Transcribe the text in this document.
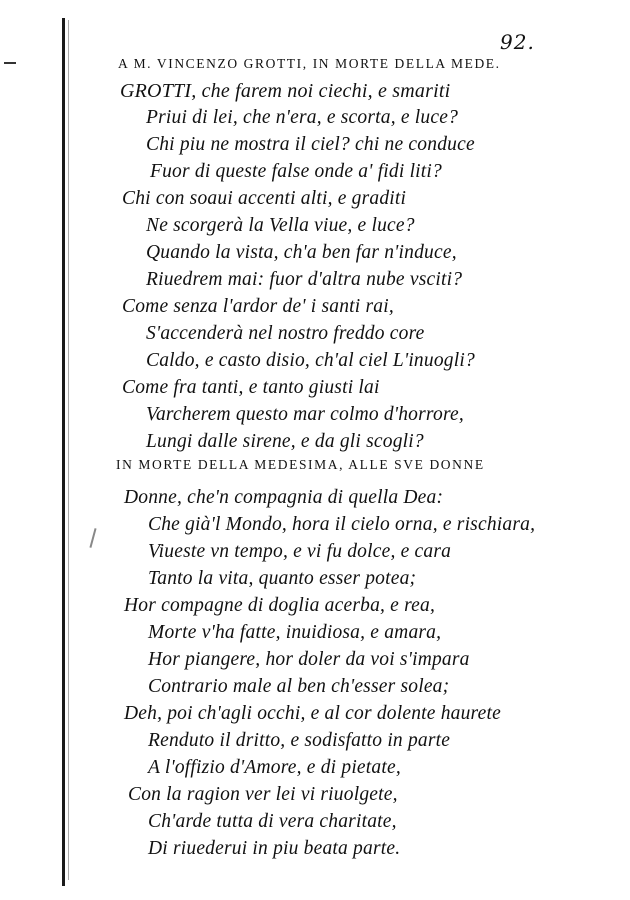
92.
A M. VINCENZO GROTTI, IN MORTE DELLA MEDE.
GROTTI, che farem noi ciechi, e smariti
Priui di lei, che n'era, e scorta, e luce?
Chi piu ne mostra il ciel? chi ne conduce
Fuor di queste false onde a' fidi liti?
Chi con soaui accenti alti, e graditi
Ne scorgerà la Vella viue, e luce?
Quando la vista, ch'a ben far n'induce,
Riuedrem mai: fuor d'altra nube vsciti?
Come senza l'ardor de' i santi rai,
S'accenderà nel nostro freddo core
Caldo, e casto disio, ch'al ciel L'inuogli?
Come fra tanti, e tanto giusti lai
Varcherem questo mar colmo d'horrore,
Lungi dalle sirene, e da gli scogli?
IN MORTE DELLA MEDESIMA, ALLE SVE DONNE
Donne, che'n compagnia di quella Dea:
Che già'l Mondo, hora il cielo orna, e rischiara,
Viueste vn tempo, e vi fu dolce, e cara
Tanto la vita, quanto esser potea;
Hor compagne di doglia acerba, e rea,
Morte v'ha fatte, inuidiosa, e amara,
Hor piangere, hor doler da voi s'impara
Contrario male al ben ch'esser solea;
Deh, poi ch'agli occhi, e al cor dolente haurete
Renduto il dritto, e sodisfatto in parte
A l'offizio d'Amore, e di pietate,
Con la ragion ver lei vi riuolgete,
Ch'arde tutta di vera charitate,
Di riuederui in piu beata parte.
